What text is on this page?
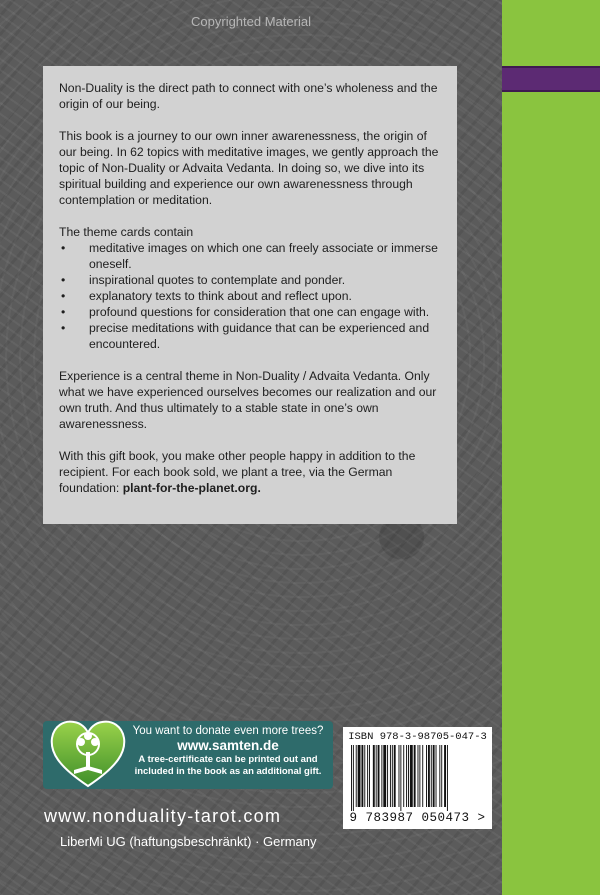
Copyrighted Material

Non-Duality is the direct path to connect with one’s wholeness and the origin of our being.

This book is a journey to our own inner awarenessness, the origin of our being. In 62 topics with meditative images, we gently approach the topic of Non-Duality or Advaita Vedanta. In doing so, we dive into its spiritual building and experience our own awarenessness through contemplation or meditation.

The theme cards contain

• meditative images on which one can freely associate or immerse oneself.
• inspirational quotes to contemplate and ponder.
• explanatory texts to think about and reflect upon.
• profound questions for consideration that one can engage with.
• precise meditations with guidance that can be experienced and encountered.

Experience is a central theme in Non-Duality / Advaita Vedanta. Only what we have experienced ourselves becomes our realization and our own truth. And thus ultimately to a stable state in one’s own awarenessness.

With this gift book, you make other people happy in addition to the recipient. For each book sold, we plant a tree, via the German foundation: plant-for-the-planet.org.

You want to donate even more trees?
www.samten.de
A tree-certificate can be printed out and included in the book as an additional gift.
www.nonduality-tarot.com
LiberMi UG (haftungsbeschränkt) · Germany
ISBN 978-3-98705-047-3
9 783987 050473 >
